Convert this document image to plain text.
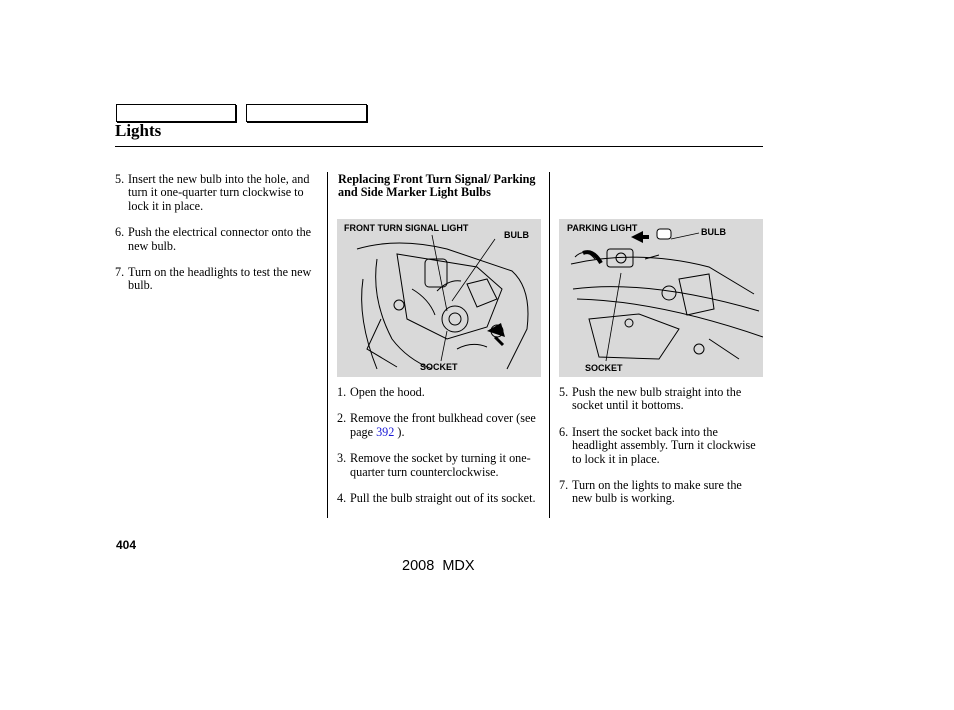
Lights
5. Insert the new bulb into the hole, and turn it one-quarter turn clockwise to lock it in place.
6. Push the electrical connector onto the new bulb.
7. Turn on the headlights to test the new bulb.
Replacing Front Turn Signal/ Parking and Side Marker Light Bulbs
FRONT TURN SIGNAL LIGHT
BULB
SOCKET
PARKING LIGHT	BULB
SOCKET
1. Open the hood.
2. Remove the front bulkhead cover (see page 392 ).
3. Remove the socket by turning it one-quarter turn counterclockwise.
4. Pull the bulb straight out of its socket.
5. Push the new bulb straight into the socket until it bottoms.
6. Insert the socket back into the headlight assembly. Turn it clockwise to lock it in place.
7. Turn on the lights to make sure the new bulb is working.
404
2008  MDX
